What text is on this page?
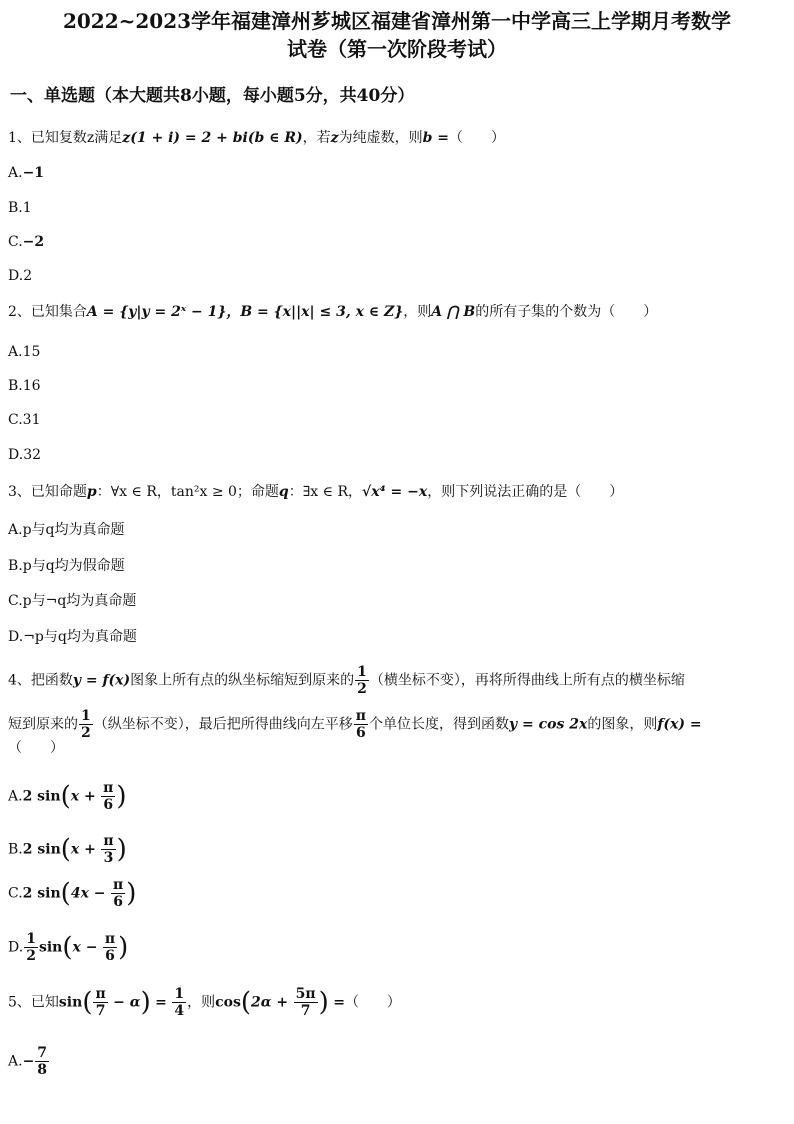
2022~2023学年福建漳州芗城区福建省漳州第一中学高三上学期月考数学
试卷（第一次阶段考试）
一、单选题（本大题共8小题，每小题5分，共40分）
1、已知复数z满足z(1 + i) = 2 + bi(b ∈ R)，若z为纯虚数，则b =（　　）
A.−1
B.1
C.−2
D.2
2、已知集合A = {y|y = 2ˣ − 1}，B = {x||x| ≤ 3, x ∈ Z}，则A ⋂ B的所有子集的个数为（　　）
A.15
B.16
C.31
D.32
3、已知命题p：∀x ∈ R，tan²x ≥ 0；命题q：∃x ∈ R，√x⁴ = −x，则下列说法正确的是（　　）
A.p与q均为真命题
B.p与q均为假命题
C.p与¬q均为真命题
D.¬p与q均为真命题
4、把函数y = f(x)图象上所有点的纵坐标缩短到原来的 $\frac{1}{2}$ （横坐标不变），再将所得曲线上所有点的横坐标缩
短到原来的 $\frac{1}{2}$ （纵坐标不变），最后把所得曲线向左平移 $\frac{\pi}{6}$ 个单位长度，得到函数y = cos 2x的图象，则f(x) =
（　　）
A.2 $\sin(x + \frac{\pi}{6}$ )
B.2 $\sin(x + \frac{\pi}{3}$ )
C.2 $\sin(4x - \frac{\pi}{6}$ )
D. $\frac{1}{2} \sin(x - \frac{\pi}{6}$ )
5、已知$\sin( \frac{\pi}{7} - \alpha) = \frac{1}{4}$ ，则$\cos(2\alpha + \frac{5\pi}{7}$ ) =（　　）
$A.- \frac{7}{8}$
